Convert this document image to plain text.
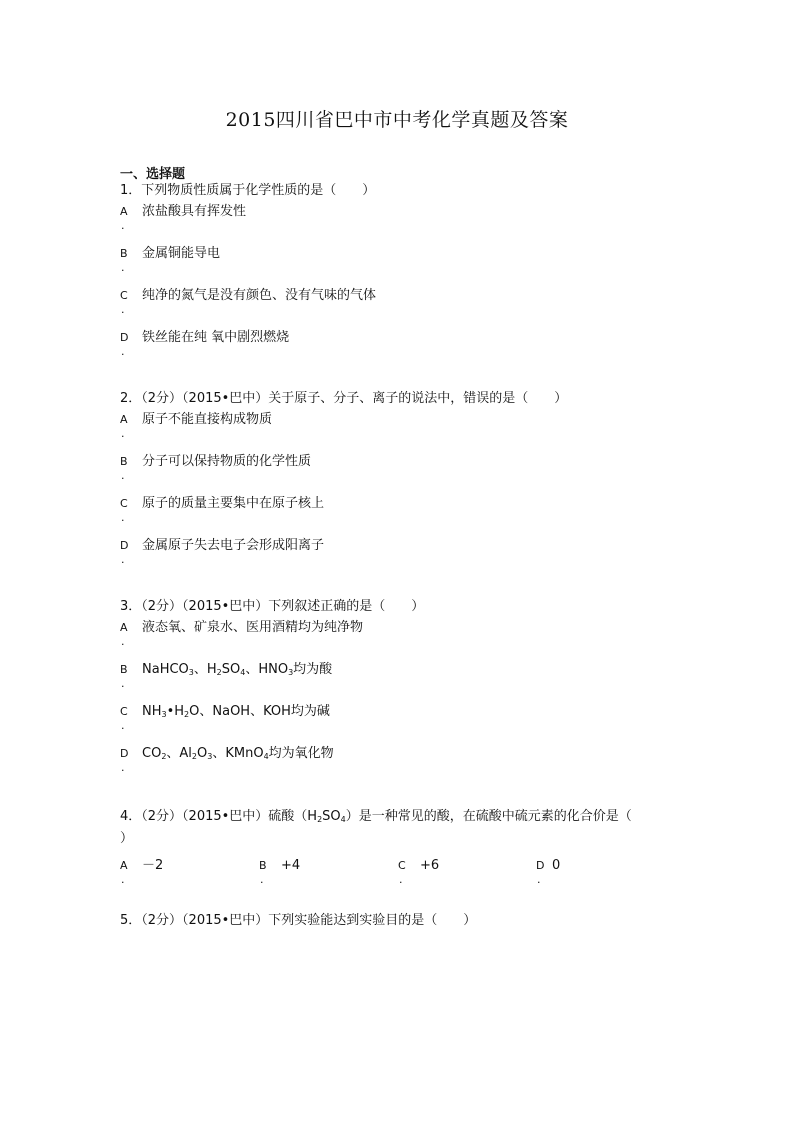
2015四川省巴中市中考化学真题及答案
一、选择题

1．下列物质性质属于化学性质的是（　　）

A
.
浓盐酸具有挥发性
B
.
金属铜能导电
C
.
纯净的氮气是没有颜色、没有气味的气体
D
.
铁丝能在纯 氧中剧烈燃烧

2．（2分）（2015•巴中）关于原子、分子、离子的说法中，错误的是（　　）

A
.
原子不能直接构成物质
B
.
分子可以保持物质的化学性质
C
.
原子的质量主要集中在原子核上
D
.
金属原子失去电子会形成阳离子

3．（2分）（2015•巴中）下列叙述正确的是（　　）

A
.
液态氧、矿泉水、医用酒精均为纯净物
B
.
NaHCO$_3$、$H_2SO_4$、$HNO_3$均为酸
C
.
$NH_3•H_2O$、NaOH、KOH均为碱
D
.
$CO_2$、$Al_2O_3$、KMnO$_4$均为氧化物

4．（2分）（2015•巴中）硫酸$(H_2SO_4)$是一种常见的酸，在硫酸中硫元素的化合价是（
）

A
.
－2	B
.
+4	C
.
+6	D
.
0

5．（2分）（2015•巴中）下列实验能达到实验目的是（　　）
